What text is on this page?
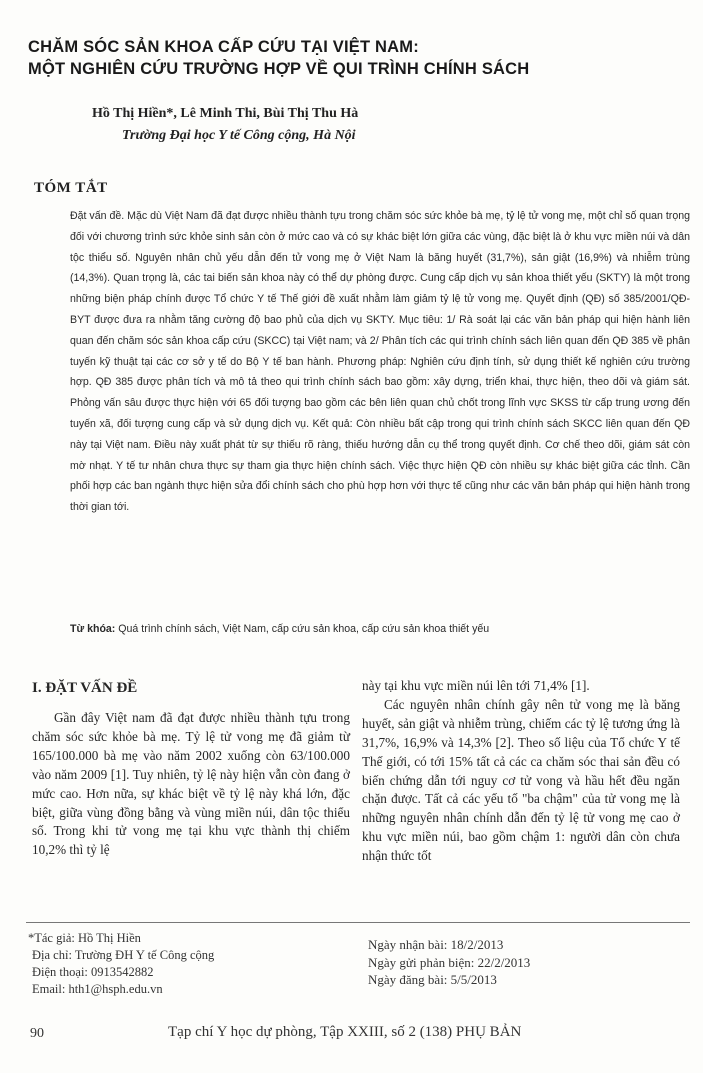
CHĂM SÓC SẢN KHOA CẤP CỨU TẠI VIỆT NAM:
MỘT NGHIÊN CỨU TRƯỜNG HỢP VỀ QUI TRÌNH CHÍNH SÁCH
Hồ Thị Hiền*, Lê Minh Thi, Bùi Thị Thu Hà
Trường Đại học Y tế Công cộng, Hà Nội
TÓM TẮT

Đặt vấn đề. Mặc dù Việt Nam đã đạt được nhiều thành tựu trong chăm sóc sức khỏe bà mẹ, tỷ lệ tử vong mẹ, một chỉ số quan trọng đối với chương trình sức khỏe sinh sản còn ở mức cao và có sự khác biệt lớn giữa các vùng, đặc biệt là ở khu vực miền núi và dân tộc thiểu số. Nguyên nhân chủ yếu dẫn đến tử vong mẹ ở Việt Nam là băng huyết (31,7%), sản giật (16,9%) và nhiễm trùng (14,3%). Quan trọng là, các tai biến sản khoa này có thể dự phòng được. Cung cấp dịch vụ sản khoa thiết yếu (SKTY) là một trong những biện pháp chính được Tổ chức Y tế Thế giới đề xuất nhằm làm giảm tỷ lệ tử vong mẹ. Quyết định (QĐ) số 385/2001/QĐ-BYT được đưa ra nhằm tăng cường độ bao phủ của dịch vụ SKTY. Mục tiêu: 1/ Rà soát lại các văn bản pháp qui hiện hành liên quan đến chăm sóc sản khoa cấp cứu (SKCC) tại Việt nam; và 2/ Phân tích các qui trình chính sách liên quan đến QĐ 385 về phân tuyến kỹ thuật tại các cơ sở y tế do Bộ Y tế ban hành. Phương pháp: Nghiên cứu định tính, sử dụng thiết kế nghiên cứu trường hợp. QĐ 385 được phân tích và mô tả theo qui trình chính sách bao gồm: xây dựng, triển khai, thực hiện, theo dõi và giám sát. Phỏng vấn sâu được thực hiện với 65 đối tượng bao gồm các bên liên quan chủ chốt trong lĩnh vực SKSS từ cấp trung ương đến tuyến xã, đối tượng cung cấp và sử dụng dịch vụ. Kết quả: Còn nhiều bất cập trong qui trình chính sách SKCC liên quan đến QĐ này tại Việt nam. Điều này xuất phát từ sự thiếu rõ ràng, thiếu hướng dẫn cụ thể trong quyết định. Cơ chế theo dõi, giám sát còn mờ nhạt. Y tế tư nhân chưa thực sự tham gia thực hiện chính sách. Việc thực hiện QĐ còn nhiều sự khác biệt giữa các tỉnh. Cần phối hợp các ban ngành thực hiện sửa đổi chính sách cho phù hợp hơn với thực tế cũng như các văn bản pháp qui hiện hành trong thời gian tới.

Từ khóa: Quá trình chính sách, Việt Nam, cấp cứu sản khoa, cấp cứu sản khoa thiết yếu

I. ĐẶT VẤN ĐỀ

Gần đây Việt nam đã đạt được nhiều thành tựu trong chăm sóc sức khỏe bà mẹ. Tỷ lệ tử vong mẹ đã giảm từ 165/100.000 bà mẹ vào năm 2002 xuống còn 63/100.000 vào năm 2009 [1]. Tuy nhiên, tỷ lệ này hiện vẫn còn đang ở mức cao. Hơn nữa, sự khác biệt về tỷ lệ này khá lớn, đặc biệt, giữa vùng đồng bằng và vùng miền núi, dân tộc thiểu số. Trong khi tử vong mẹ tại khu vực thành thị chiếm 10,2% thì tỷ lệ

này tại khu vực miền núi lên tới 71,4% [1].

Các nguyên nhân chính gây nên tử vong mẹ là băng huyết, sản giật và nhiễm trùng, chiếm các tỷ lệ tương ứng là 31,7%, 16,9% và 14,3% [2]. Theo số liệu của Tổ chức Y tế Thế giới, có tới 15% tất cả các ca chăm sóc thai sản đều có biến chứng dẫn tới nguy cơ tử vong và hầu hết đều ngăn chặn được. Tất cả các yếu tố "ba chậm" của tử vong mẹ là những nguyên nhân chính dẫn đến tỷ lệ tử vong mẹ cao ở khu vực miền núi, bao gồm chậm 1: người dân còn chưa nhận thức tốt

*Tác giả: Hồ Thị Hiền
Địa chỉ: Trường ĐH Y tế Công cộng
Điện thoại: 0913542882
Email: hth1@hsph.edu.vn
Ngày nhận bài: 18/2/2013
Ngày gửi phản biện: 22/2/2013
Ngày đăng bài: 5/5/2013
90	Tạp chí Y học dự phòng, Tập XXIII, số 2 (138) PHỤ BẢN
